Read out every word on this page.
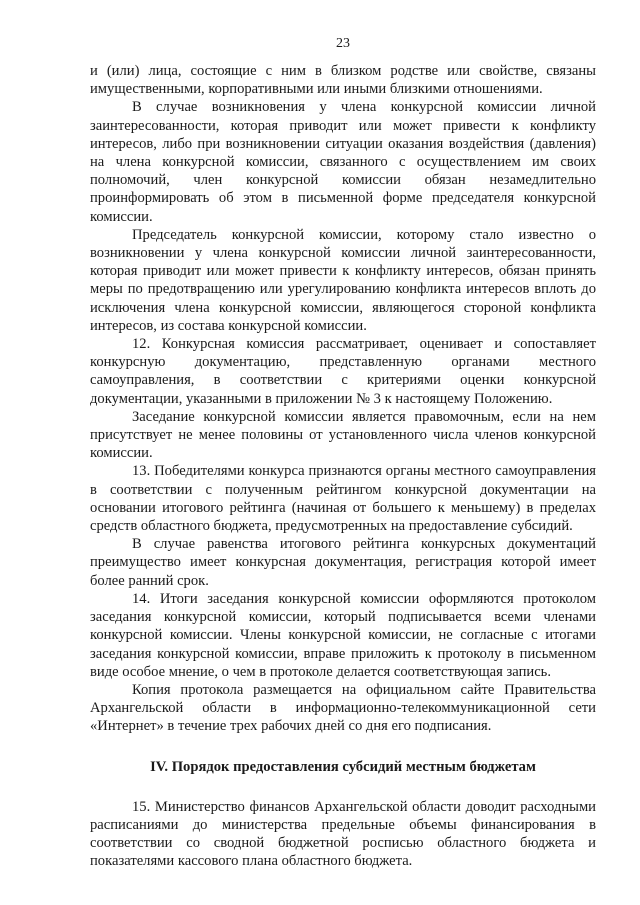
23

и (или) лица, состоящие с ним в близком родстве или свойстве, связаны имущественными, корпоративными или иными близкими отношениями.

В случае возникновения у члена конкурсной комиссии личной заинтересованности, которая приводит или может привести к конфликту интересов, либо при возникновении ситуации оказания воздействия (давления) на члена конкурсной комиссии, связанного с осуществлением им своих полномочий, член конкурсной комиссии обязан незамедлительно проинформировать об этом в письменной форме председателя конкурсной комиссии.

Председатель конкурсной комиссии, которому стало известно о возникновении у члена конкурсной комиссии личной заинтересованности, которая приводит или может привести к конфликту интересов, обязан принять меры по предотвращению или урегулированию конфликта интересов вплоть до исключения члена конкурсной комиссии, являющегося стороной конфликта интересов, из состава конкурсной комиссии.

12. Конкурсная комиссия рассматривает, оценивает и сопоставляет конкурсную документацию, представленную органами местного самоуправления, в соответствии с критериями оценки конкурсной документации, указанными в приложении № 3 к настоящему Положению.

Заседание конкурсной комиссии является правомочным, если на нем присутствует не менее половины от установленного числа членов конкурсной комиссии.

13. Победителями конкурса признаются органы местного самоуправления в соответствии с полученным рейтингом конкурсной документации на основании итогового рейтинга (начиная от большего к меньшему) в пределах средств областного бюджета, предусмотренных на предоставление субсидий.

В случае равенства итогового рейтинга конкурсных документаций преимущество имеет конкурсная документация, регистрация которой имеет более ранний срок.

14. Итоги заседания конкурсной комиссии оформляются протоколом заседания конкурсной комиссии, который подписывается всеми членами конкурсной комиссии. Члены конкурсной комиссии, не согласные с итогами заседания конкурсной комиссии, вправе приложить к протоколу в письменном виде особое мнение, о чем в протоколе делается соответствующая запись.

Копия протокола размещается на официальном сайте Правительства Архангельской области в информационно-телекоммуникационной сети «Интернет» в течение трех рабочих дней со дня его подписания.

IV. Порядок предоставления субсидий местным бюджетам

15. Министерство финансов Архангельской области доводит расходными расписаниями до министерства предельные объемы финансирования в соответствии со сводной бюджетной росписью областного бюджета и показателями кассового плана областного бюджета.
